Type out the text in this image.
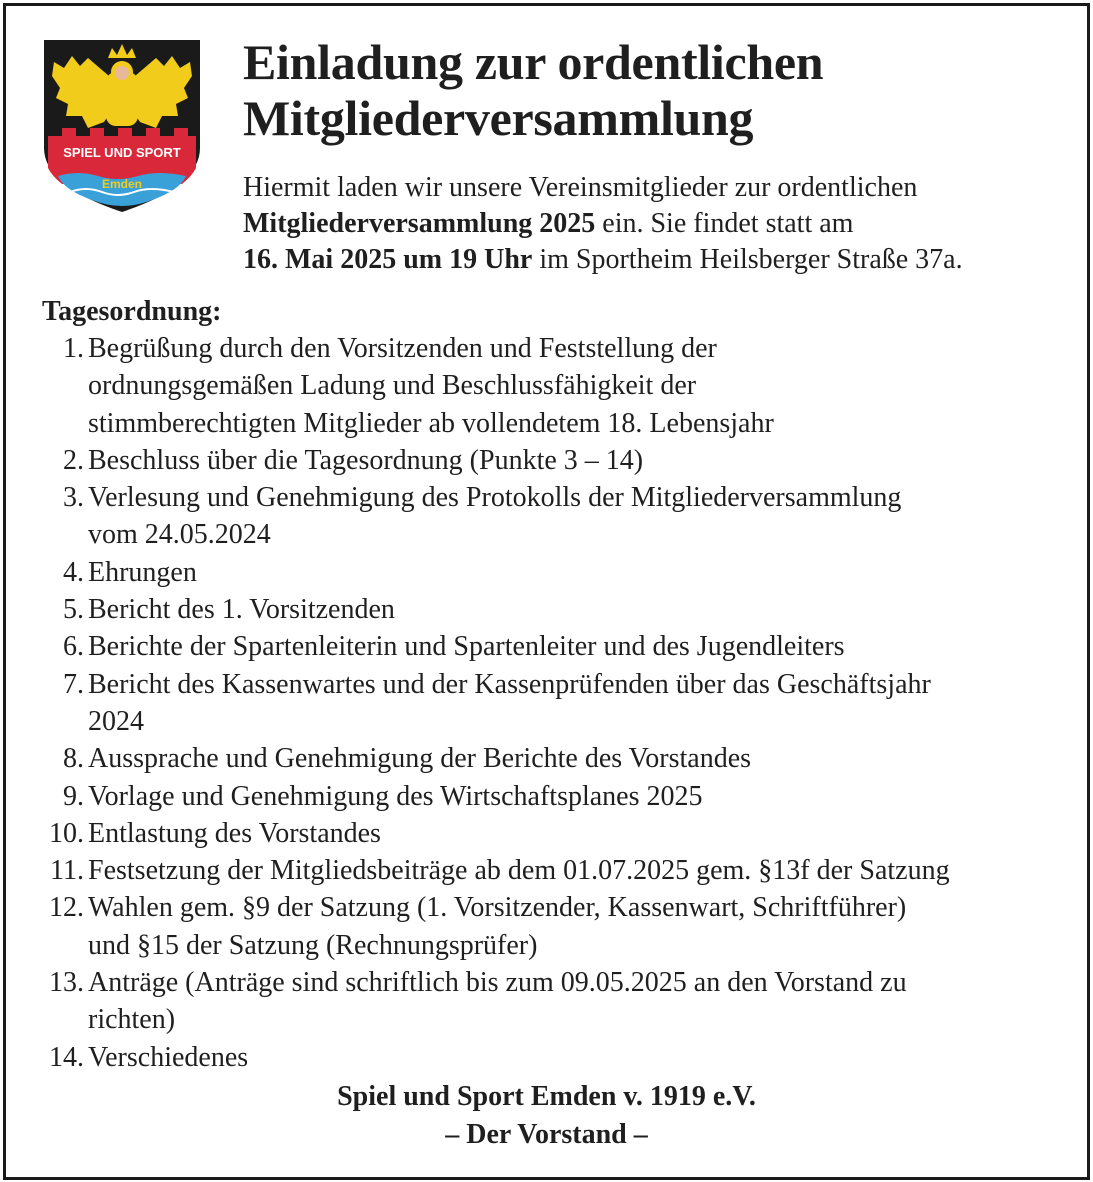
SPIEL UND SPORT
Emden
Einladung zur ordentlichen
Mitgliederversammlung

Hiermit laden wir unsere Vereinsmitglieder zur ordentlichen
Mitgliederversammlung 2025 ein. Sie findet statt am
16. Mai 2025 um 19 Uhr im Sportheim Heilsberger Straße 37a.

Tagesordnung:
1. Begrüßung durch den Vorsitzenden und Feststellung der
ordnungsgemäßen Ladung und Beschlussfähigkeit der
stimmberechtigten Mitglieder ab vollendetem 18. Lebensjahr
2. Beschluss über die Tagesordnung (Punkte 3 – 14)
3. Verlesung und Genehmigung des Protokolls der Mitgliederversammlung
vom 24.05.2024
4. Ehrungen
5. Bericht des 1. Vorsitzenden
6. Berichte der Spartenleiterin und Spartenleiter und des Jugendleiters
7. Bericht des Kassenwartes und der Kassenprüfenden über das Geschäftsjahr
2024
8. Aussprache und Genehmigung der Berichte des Vorstandes
9. Vorlage und Genehmigung des Wirtschaftsplanes 2025
10. Entlastung des Vorstandes
11. Festsetzung der Mitgliedsbeiträge ab dem 01.07.2025 gem. §13f der Satzung
12. Wahlen gem. §9 der Satzung (1. Vorsitzender, Kassenwart, Schriftführer)
und §15 der Satzung (Rechnungsprüfer)
13. Anträge (Anträge sind schriftlich bis zum 09.05.2025 an den Vorstand zu
richten)
14. Verschiedenes

Spiel und Sport Emden v. 1919 e.V.

– Der Vorstand –
